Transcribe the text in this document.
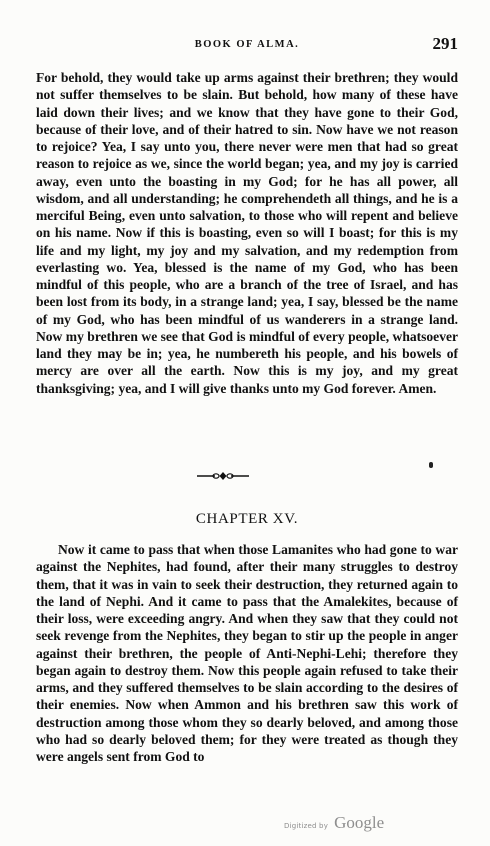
BOOK OF ALMA.	291

For behold, they would take up arms against their brethren; they would not suffer themselves to be slain. But behold, how many of these have laid down their lives; and we know that they have gone to their God, because of their love, and of their hatred to sin. Now have we not reason to rejoice? Yea, I say unto you, there never were men that had so great reason to rejoice as we, since the world began; yea, and my joy is carried away, even unto the boasting in my God; for he has all power, all wisdom, and all understanding; he comprehendeth all things, and he is a merciful Being, even unto salvation, to those who will repent and believe on his name. Now if this is boasting, even so will I boast; for this is my life and my light, my joy and my salvation, and my redemption from everlasting wo. Yea, blessed is the name of my God, who has been mindful of this people, who are a branch of the tree of Israel, and has been lost from its body, in a strange land; yea, I say, blessed be the name of my God, who has been mindful of us wanderers in a strange land. Now my brethren we see that God is mindful of every people, whatsoever land they may be in; yea, he numbereth his people, and his bowels of mercy are over all the earth. Now this is my joy, and my great thanksgiving; yea, and I will give thanks unto my God forever. Amen.

CHAPTER XV.

Now it came to pass that when those Lamanites who had gone to war against the Nephites, had found, after their many struggles to destroy them, that it was in vain to seek their destruction, they returned again to the land of Nephi. And it came to pass that the Amalekites, because of their loss, were exceeding angry. And when they saw that they could not seek revenge from the Nephites, they began to stir up the people in anger against their brethren, the people of Anti-Nephi-Lehi; therefore they began again to destroy them. Now this people again refused to take their arms, and they suffered themselves to be slain according to the desires of their enemies. Now when Ammon and his brethren saw this work of destruction among those whom they so dearly beloved, and among those who had so dearly beloved them; for they were treated as though they were angels sent from God to

Digitized by Google
